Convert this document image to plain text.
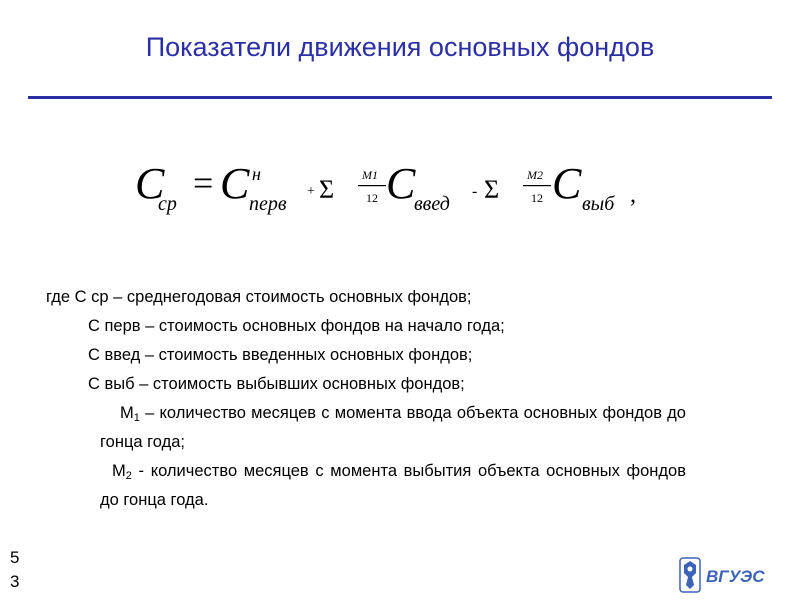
Показатели движения основных фондов
C
ср
= C н
перв
+ Σ M1
12 C
введ
- Σ M2
12 C выб ,
где С ср – среднегодовая стоимость основных фондов;
С перв – стоимость основных фондов на начало года;
С введ – стоимость введенных основных фондов;
С выб – стоимость выбывших основных фондов;
$М_1$ – количество месяцев с момента ввода объекта основных фондов до гонца года;
$М_2$ - количество месяцев с момента выбытия объекта основных фондов до гонца года.
5
3	ВГУЭС
